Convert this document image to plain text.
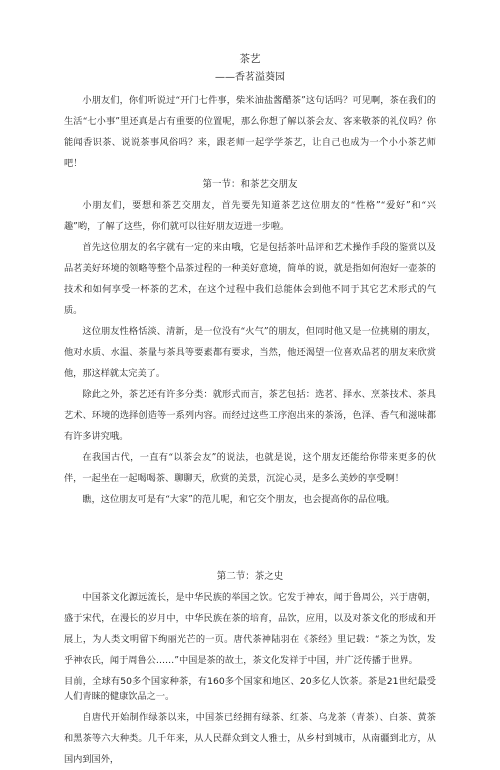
茶艺
——香茗溢葵园

小朋友们，你们听说过“开门七件事，柴米油盐酱醋茶”这句话吗？可见啊，茶在我们的生活“七小事”里还真是占有重要的位置呢，那么你想了解以茶会友、客来敬茶的礼仪吗？你能闻香识茶、说说茶事风俗吗？来，跟老师一起学学茶艺，让自己也成为一个小小茶艺师吧！

第一节：和茶艺交朋友

小朋友们，要想和茶艺交朋友，首先要先知道茶艺这位朋友的“性格”“爱好”和“兴趣”哟，了解了这些，你们就可以往好朋友迈进一步啦。

首先这位朋友的名字就有一定的来由哦，它是包括茶叶品评和艺术操作手段的鉴赏以及品茗美好环境的领略等整个品茶过程的一种美好意境，简单的说，就是指如何泡好一壶茶的技术和如何享受一杯茶的艺术，在这个过程中我们总能体会到他不同于其它艺术形式的气质。

这位朋友性格恬淡、清新，是一位没有“火气”的朋友，但同时他又是一位挑剔的朋友，他对水质、水温、茶量与茶具等要素都有要求，当然，他还渴望一位喜欢品茗的朋友来欣赏他，那这样就太完美了。

除此之外，茶艺还有许多分类：就形式而言，茶艺包括：选茗、择水、烹茶技术、茶具艺术、环境的选择创造等一系列内容。而经过这些工序泡出来的茶汤，色泽、香气和滋味都有许多讲究哦。

在我国古代，一直有“以茶会友”的说法，也就是说，这个朋友还能给你带来更多的伙伴，一起坐在一起喝喝茶、聊聊天，欣赏的美景，沉淀心灵，是多么美妙的享受啊！

瞧，这位朋友可是有“大家”的范儿呢，和它交个朋友，也会提高你的品位哦。

第二节：茶之史

中国茶文化源远流长，是中华民族的举国之饮。它发于神农，闻于鲁周公，兴于唐朝，盛于宋代，在漫长的岁月中，中华民族在茶的培育，品饮，应用，以及对茶文化的形成和开展上，为人类文明留下绚丽光芒的一页。唐代茶神陆羽在《茶经》里记载：“茶之为饮，发乎神农氏，闻于周鲁公……”中国是茶的故土，茶文化发祥于中国，并广泛传播于世界。

目前，全球有50多个国家种茶，有160多个国家和地区、20多亿人饮茶。茶是21世纪最受人们青睐的健康饮品之一。

自唐代开始制作绿茶以来，中国茶已经拥有绿茶、红茶、乌龙茶（青茶）、白茶、黄茶和黑茶等六大种类。几千年来，从人民群众到文人雅士，从乡村到城市，从南疆到北方，从国内到国外，
